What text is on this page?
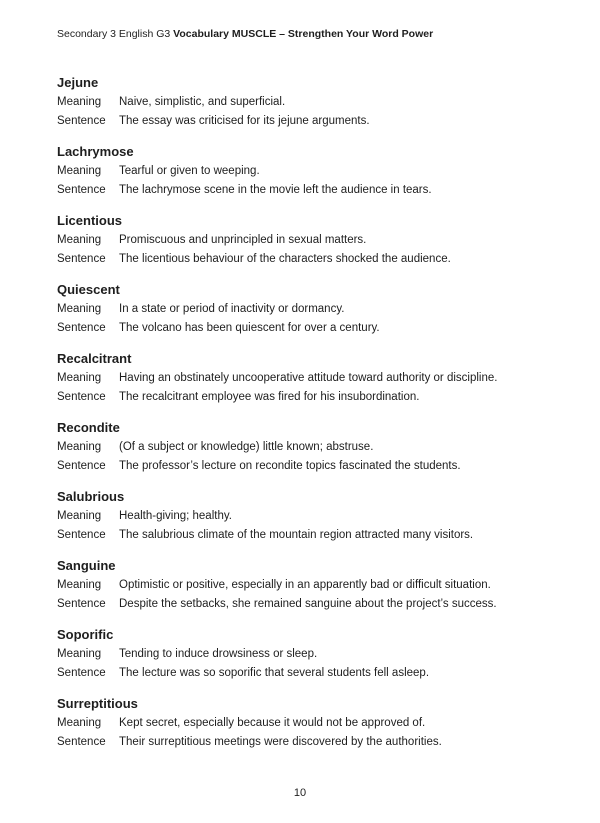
Secondary 3 English G3 Vocabulary MUSCLE – Strengthen Your Word Power
Jejune
Meaning	Naive, simplistic, and superficial.
Sentence	The essay was criticised for its jejune arguments.
Lachrymose
Meaning	Tearful or given to weeping.
Sentence	The lachrymose scene in the movie left the audience in tears.
Licentious
Meaning	Promiscuous and unprincipled in sexual matters.
Sentence	The licentious behaviour of the characters shocked the audience.
Quiescent
Meaning	In a state or period of inactivity or dormancy.
Sentence	The volcano has been quiescent for over a century.
Recalcitrant
Meaning	Having an obstinately uncooperative attitude toward authority or discipline.
Sentence	The recalcitrant employee was fired for his insubordination.
Recondite
Meaning	(Of a subject or knowledge) little known; abstruse.
Sentence	The professor’s lecture on recondite topics fascinated the students.
Salubrious
Meaning	Health-giving; healthy.
Sentence	The salubrious climate of the mountain region attracted many visitors.
Sanguine
Meaning	Optimistic or positive, especially in an apparently bad or difficult situation.
Sentence	Despite the setbacks, she remained sanguine about the project’s success.
Soporific
Meaning	Tending to induce drowsiness or sleep.
Sentence	The lecture was so soporific that several students fell asleep.
Surreptitious
Meaning	Kept secret, especially because it would not be approved of.
Sentence	Their surreptitious meetings were discovered by the authorities.
10
